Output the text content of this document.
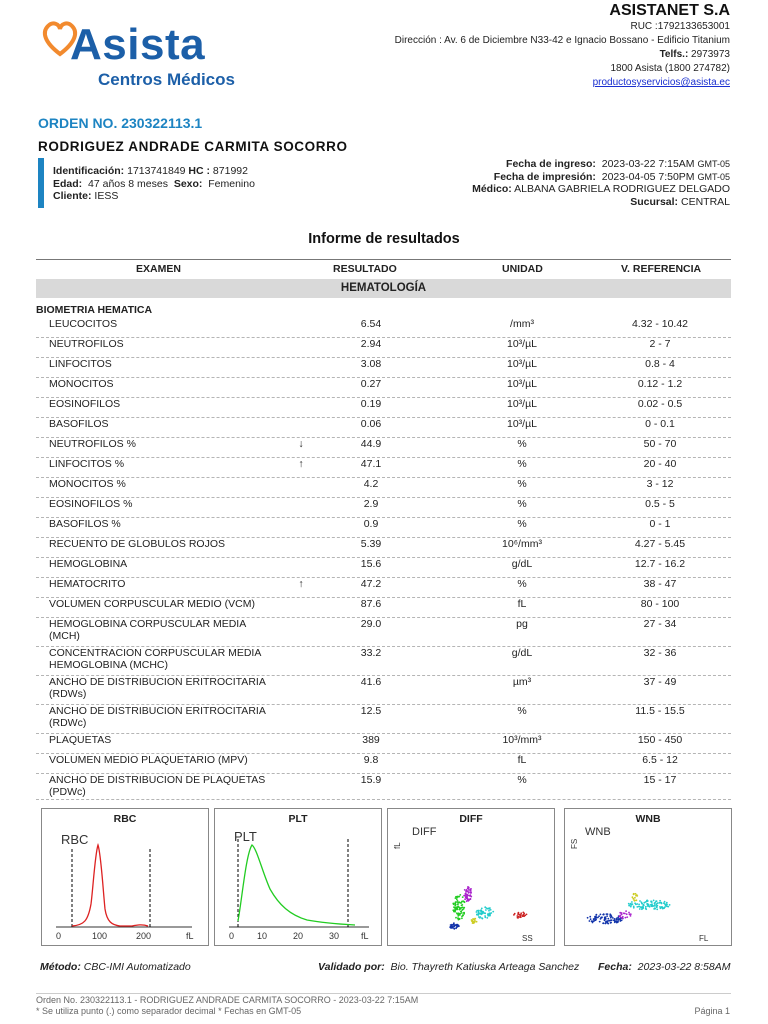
Asista
Centros Médicos
ASISTANET S.A
RUC :1792133653001
Dirección : Av. 6 de Diciembre N33-42 e Ignacio Bossano - Edificio Titanium
Telfs.: 2973973
1800 Asista (1800 274782)
productosyservicios@asista.ec
ORDEN NO. 230322113.1
RODRIGUEZ ANDRADE CARMITA SOCORRO
Identificación: 1713741849 HC : 871992
Edad:  47 años 8 meses  Sexo:  Femenino
Cliente: IESS
Fecha de ingreso:  2023-03-22 7:15AM GMT-05
Fecha de impresión:  2023-04-05 7:50PM GMT-05
Médico: ALBANA GABRIELA RODRIGUEZ DELGADO
Sucursal: CENTRAL
Informe de resultados
EXAMEN	RESULTADO	UNIDAD	V. REFERENCIA
HEMATOLOGÍA
BIOMETRIA HEMATICA
LEUCOCITOS	6.54	/mm³	4.32 - 10.42
NEUTROFILOS	2.94	10³/µL	2 - 7
LINFOCITOS	3.08	10³/µL	0.8 - 4
MONOCITOS	0.27	10³/µL	0.12 - 1.2
EOSINOFILOS	0.19	10³/µL	0.02 - 0.5
BASOFILOS	0.06	10³/µL	0 - 0.1
NEUTROFILOS %	↓	44.9	%	50 - 70
LINFOCITOS %	↑	47.1	%	20 - 40
MONOCITOS %	4.2	%	3 - 12
EOSINOFILOS %	2.9	%	0.5 - 5
BASOFILOS %	0.9	%	0 - 1
RECUENTO DE GLOBULOS ROJOS	5.39	10⁶/mm³	4.27 - 5.45
HEMOGLOBINA	15.6	g/dL	12.7 - 16.2
HEMATOCRITO	↑	47.2	%	38 - 47
VOLUMEN CORPUSCULAR MEDIO (VCM)	87.6	fL	80 - 100
HEMOGLOBINA CORPUSCULAR MEDIA (MCH)
29.0	pg	27 - 34
CONCENTRACION CORPUSCULAR MEDIA HEMOGLOBINA (MCHC)
33.2	g/dL	32 - 36
ANCHO DE DISTRIBUCION ERITROCITARIA (RDWs)
41.6	µm³	37 - 49
ANCHO DE DISTRIBUCION ERITROCITARIA (RDWc)
12.5	%	11.5 - 15.5
PLAQUETAS	389	10³/mm³	150 - 450
VOLUMEN MEDIO PLAQUETARIO (MPV)	9.8	fL	6.5 - 12
ANCHO DE DISTRIBUCION DE PLAQUETAS (PDWc)
15.9	%	15 - 17
RBC
RBC
0	100	200	fL
PLT
PLT
0	10	20	30 fL
DIFF
DIFF
fL
SS
WNB
WNB
FS
FL
Método: CBC-IMI Automatizado	Validado por:  Bio. Thayreth Katiuska Arteaga Sanchez Fecha:  2023-03-22 8:58AM
Orden No. 230322113.1 - RODRIGUEZ ANDRADE CARMITA SOCORRO - 2023-03-22 7:15AM
* Se utiliza punto (.) como separador decimal * Fechas en GMT-05	Página 1
